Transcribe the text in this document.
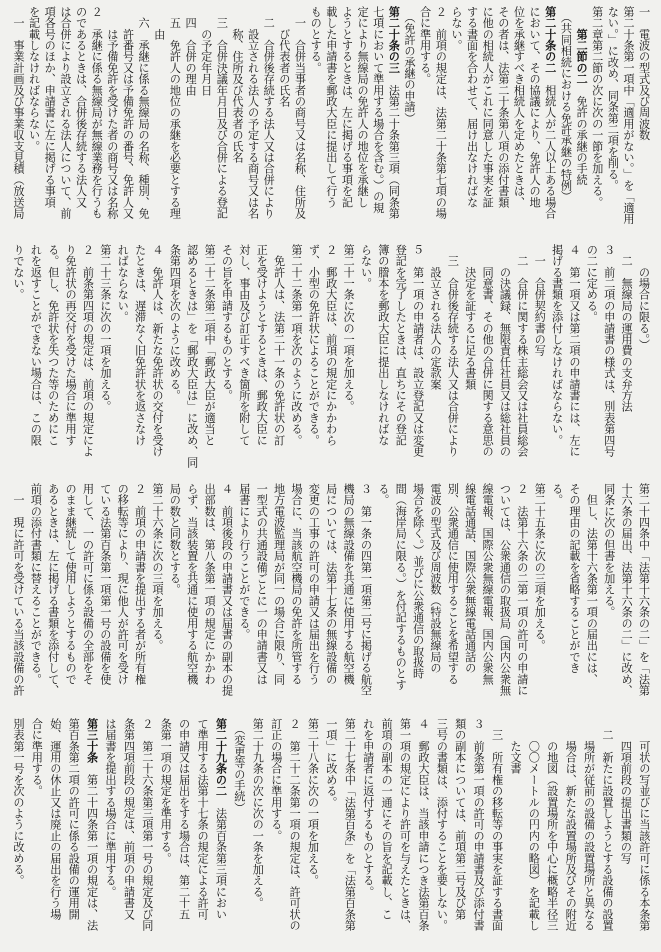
一　電波の型式及び周波数
第二十条第一項中「適用がない。」を「適用
ない。」に改め、同条第二項を削る。
第二章第二節の次に次の一節を加える。
　　第二節の二　免許の承継の手続
　（共同相続における免許承継の特例）
第二十条の二　相続人が二人以上ある場合
において、その協議により、免許人の地
位を承継すべき相続人を定めたときは、
その者は、法第二十条第八項の添付書類
に他の相続人がこれに同意した事実を証
する書面を合わせて、届け出なければな
らない。
２　前項の規定は、法第二十条第七項の場
合に準用する。
　（免許の承継の申請）
第二十条の三　法第二十条第三項（同条第
七項において準用する場合を含む。）の規
定により無線局の免許人の地位を承継し
ようとするときは、左に掲げる事項を記
載した申請書を郵政大臣に提出して行う
ものとする。
　一　合併当事者の商号又は名称、住所及
　　び代表者の氏名
　二　合併後存続する法人又は合併により
　　設立される法人の予定する商号又は名
　　称、住所及び代表者の氏名
　三　合併決議年月日及び合併による登記
　　の予定年月日
　四　合併の理由
　五　免許人の地位の承継を必要とする理
　　由
　六　承継に係る無線局の名称、種別、免
　　許番号又は予備免許の番号、免許人又
　　は予備免許を受けた者の商号又は名称
２　承継に係る無線局が無線業務を行うも
のであるときは、合併後存続する法人又
は合併により設立される法人について、前
項各号のほか、申請書に左に掲げる事項
を記載しなければならない。
　一　事業計画及び事業収支見積（放送局
　　の場合に限る。）
　二　無線局の運用費の支弁方法
３　前二項の申請書の様式は、別表第四号
の二に定める。
４　第一項又は第二項の申請書には、左に
掲げる書類を添付しなければならない。
　一　合併契約書の写
　二　合併に関する株主総会又は社員総会
　　の決議録、無限責任社員又は総社員の
　　同意書、その他の合併に関する意思の
　　決定を証するに足る書類
　三　合併後存続する法人又は合併により
　　設立される法人の定款案
５　第一項の申請者は、設立登記又は変更
登記を完了したときは、直ちにその登記
簿の謄本を郵政大臣に提出しなければな
らない。
第二十一条に次の一項を加える。
２　郵政大臣は、前項の規定にかかわら
ず、小型の免許状によることができる。
第二十二条第一項を次のように改める。
　免許人は、法第二十一条の免許状の訂
正を受けようとするときは、郵政大臣に
対し、事由及び訂正すべき箇所を附して
その旨を申請するものとする。
第二十二条第二項中「郵政大臣が適当と
認めるときは」を「郵政大臣は」に改め、同
条第四項を次のように改める。
４　免許人は、新たな免許状の交付を受け
たときは、遅滞なく旧免許状を返さなけ
ればならない。
第二十三条に次の一項を加える。
２　前条第四項の規定は、前項の規定によ
り免許状の再交付を受けた場合に準用す
る。但し、免許状を失つた等のためにこ
れを返すことができない場合は、この限
りでない。
第二十四条中「法第十六条の二」を「法第
十六条の届出、法第十六条の二」に改め、
同条に次の但書を加える。
　但し、法第十六条第一項の届出には、
その理由の記載を省略することができ
る。
第二十五条に次の三項を加える。
２　法第十六条の二第一項の許可の申請に
ついては、公衆通信の取扱局（国内公衆無
線電報、国際公衆無線電報、国内公衆無
線電話通話、国際公衆無線電話通話の
別、公衆通信に使用することを希望する
電波の型式及び周波数（特設無線局の
場合を除く。）並びに公衆通信の取扱時
間（海岸局に限る。）を付記するものとす
る。
３　第一条の四第一項第二号に掲げる航空
機局の無線設備を共通に使用する航空機
局については、法第十七条の無線設備の
変更の工事の許可の申請又は届出を行う
場合に、当該航空機局の免許を所管する
地方電波監理局が同一の場合に限り、同
一型式の共通設備ごとに一の申請書又は
届書により行うことができる。
４　前項後段の申請書又は届書の副本の提
出部数は、第八条第一項の規定にかかわ
らず、当該装置を共通に使用する航空機
局の数と同数とする。
第二十六条に次の三項を加える。
２　前項の申請書を提出する者が所有権
の移転等により、現に他人が許可を受け
ている法第百条第一項第一号の設備を使
用して、一の許可に係る設備の全部をそ
のまま継続して使用しようとするもので
あるときは、左に掲げる書類を添付して、
前項の添付書類に替えることができる。
　一　現に許可を受けている当該設備の許
　　可状の写並びに当該許可に係る本条第
　　四項前段の提出書類の写
　二　新たに設置しようとする設備の設置
　　場所が従前の設備の設置場所と異なる
　　場合は、新たな設置場所及びその附近
　　の地図（設置場所を中心に概略半径三
　　〇〇メートルの円内の略図）を記載し
　　た文書
　三　所有権の移転等の事実を証する書面
３　前条第一項の許可の申請書及び添付書
類の副本については、前項第二号及び第
三号の書類は、添付することを要しない。
４　郵政大臣は、当該申請につき法第百条
第一項の規定により許可を与えたときは、
前項の副本の一通にその旨を記載し、こ
れを申請者に返付するものとする。
第二十七条中「法第百条」を「法第百条第
一項」に改める。
第二十八条に次の一項を加える。
２　第二十二条第一項の規定は、許可状の
訂正の場合に準用する。
第二十九条の次に次の一条を加える。
　（変更等の手続）
第二十九条の二　法第百条第三項におい
て準用する法第十七条の規定による許可
の申請又は届出をする場合は、第二十五
条第一項の規定を準用する。
２　第二十六条第三項第一号の規定及び同
条第四項前段の規定は、前項の申請書又
は届書を提出する場合に準用する。
第三十条　第二十四条第一項の規定は、法
第百条第二項の許可に係る設備の運用開
始、運用の休止又は廃止の届出を行う場
合に準用する。
別表第一号を次のように改める。
